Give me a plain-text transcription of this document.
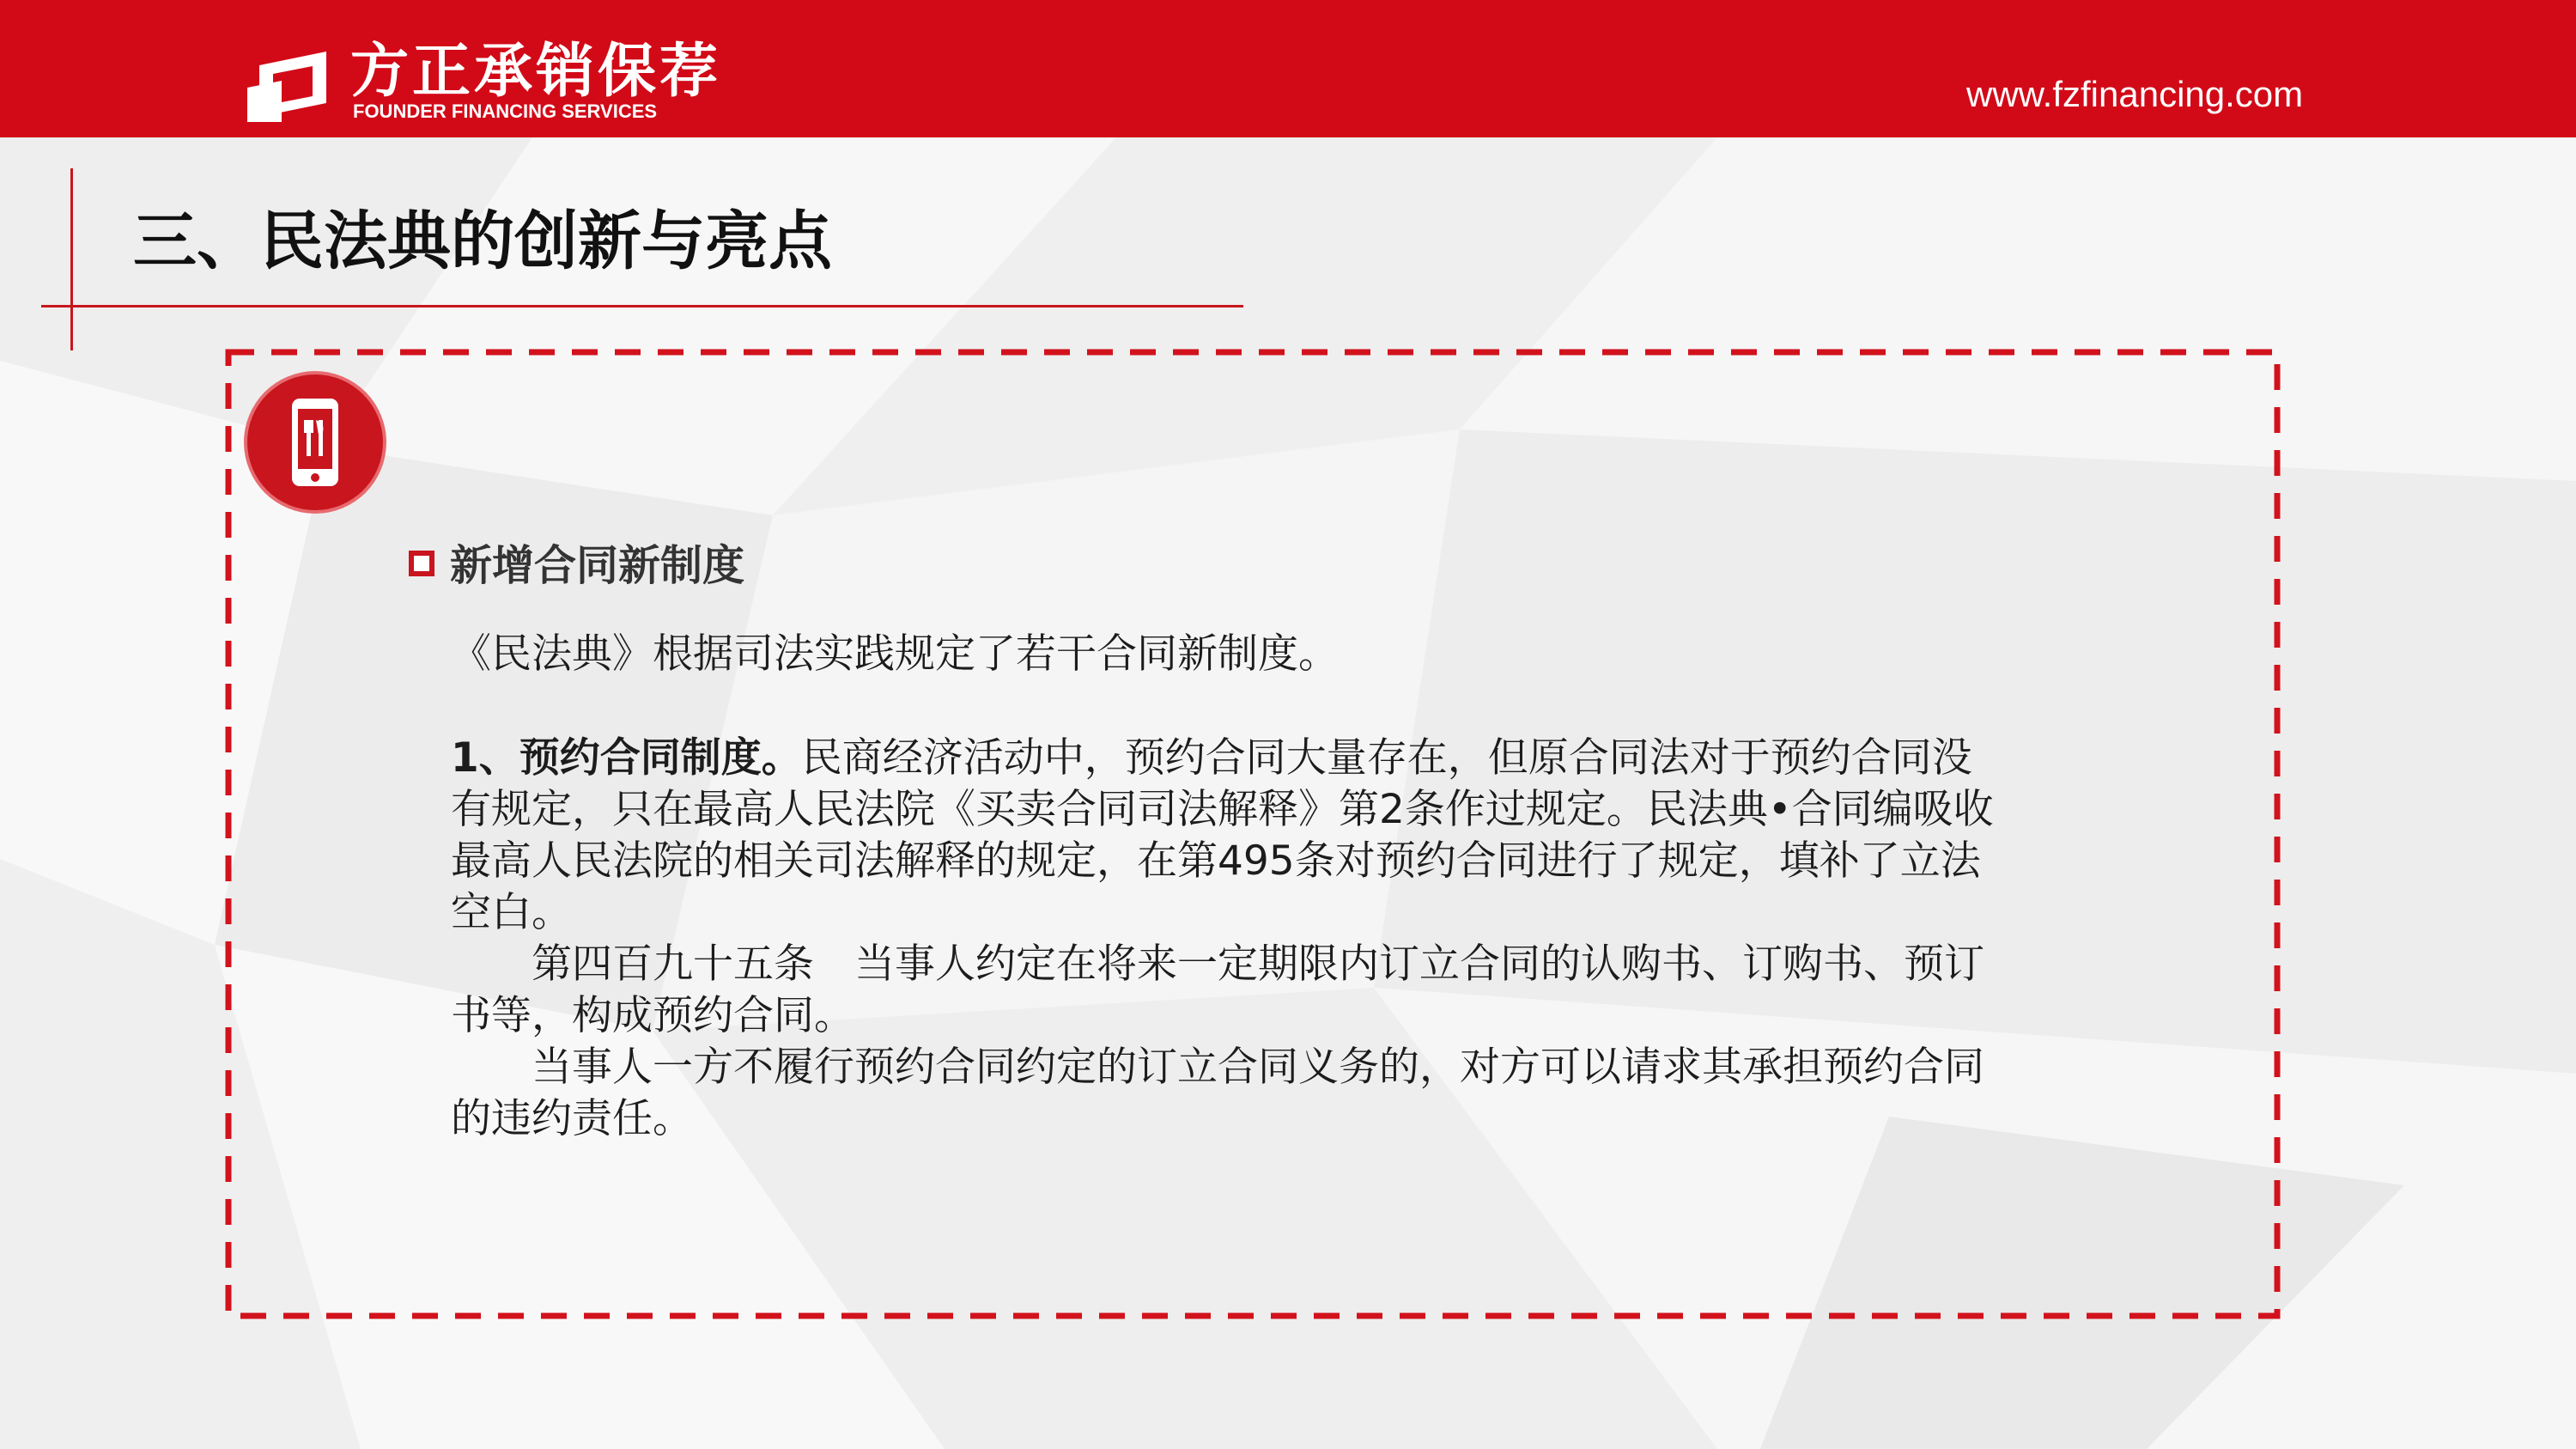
方正承销保荐
FOUNDER FINANCING SERVICES	www.fzfinancing.com
三、民法典的创新与亮点
新增合同新制度
《民法典》根据司法实践规定了若干合同新制度。
1、预约合同制度。民商经济活动中，预约合同大量存在，但原合同法对于预约合同没
有规定，只在最高人民法院《买卖合同司法解释》第2条作过规定。民法典•合同编吸收
最高人民法院的相关司法解释的规定，在第495条对预约合同进行了规定，填补了立法
空白。
　　第四百九十五条　当事人约定在将来一定期限内订立合同的认购书、订购书、预订
书等，构成预约合同。
　　当事人一方不履行预约合同约定的订立合同义务的，对方可以请求其承担预约合同
的违约责任。
